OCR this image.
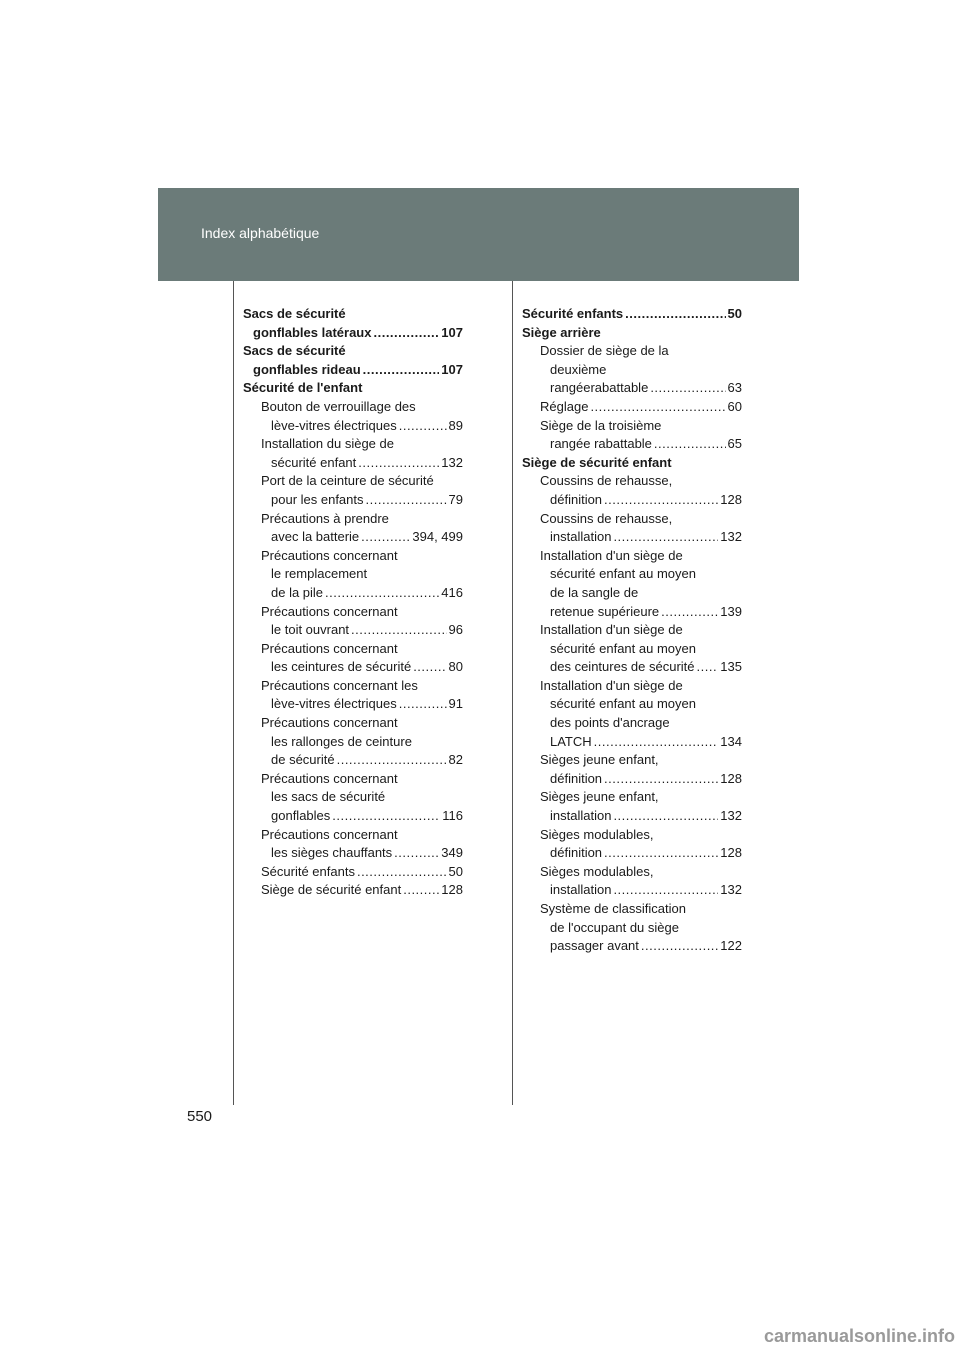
Index alphabétique
Sacs de sécurité
gonflables latéraux .....	107
Sacs de sécurité
gonflables rideau .....	107
Sécurité de l'enfant
Bouton de verrouillage des
lève-vitres électriques .....	89
Installation du siège de
sécurité enfant .....	132
Port de la ceinture de sécurité
pour les enfants .....	79
Précautions à prendre
avec la batterie .....	394, 499
Précautions concernant
le remplacement
de la pile .....	416
Précautions concernant
le toit ouvrant .....	96
Précautions concernant
les ceintures de sécurité .....	80
Précautions concernant les
lève-vitres électriques .....	91
Précautions concernant
les rallonges de ceinture
de sécurité .....	82
Précautions concernant
les sacs de sécurité
gonflables .....	116
Précautions concernant
les sièges chauffants .....	349
Sécurité enfants .....	50
Siège de sécurité enfant .....	128
Sécurité enfants .....	50
Siège arrière
Dossier de siège de la
deuxième
rangéerabattable .....	63
Réglage .....	60
Siège de la troisième
rangée rabattable .....	65
Siège de sécurité enfant
Coussins de rehausse,
définition .....	128
Coussins de rehausse,
installation .....	132
Installation d'un siège de
sécurité enfant au moyen
de la sangle de
retenue supérieure .....	139
Installation d'un siège de
sécurité enfant au moyen
des ceintures de sécurité ..... 135
Installation d'un siège de
sécurité enfant au moyen
des points d'ancrage
LATCH .....	134
Sièges jeune enfant,
définition .....	128
Sièges jeune enfant,
installation .....	132
Sièges modulables,
définition .....	128
Sièges modulables,
installation .....	132
Système de classification
de l'occupant du siège
passager avant .....	122
550
carmanualsonline.info
